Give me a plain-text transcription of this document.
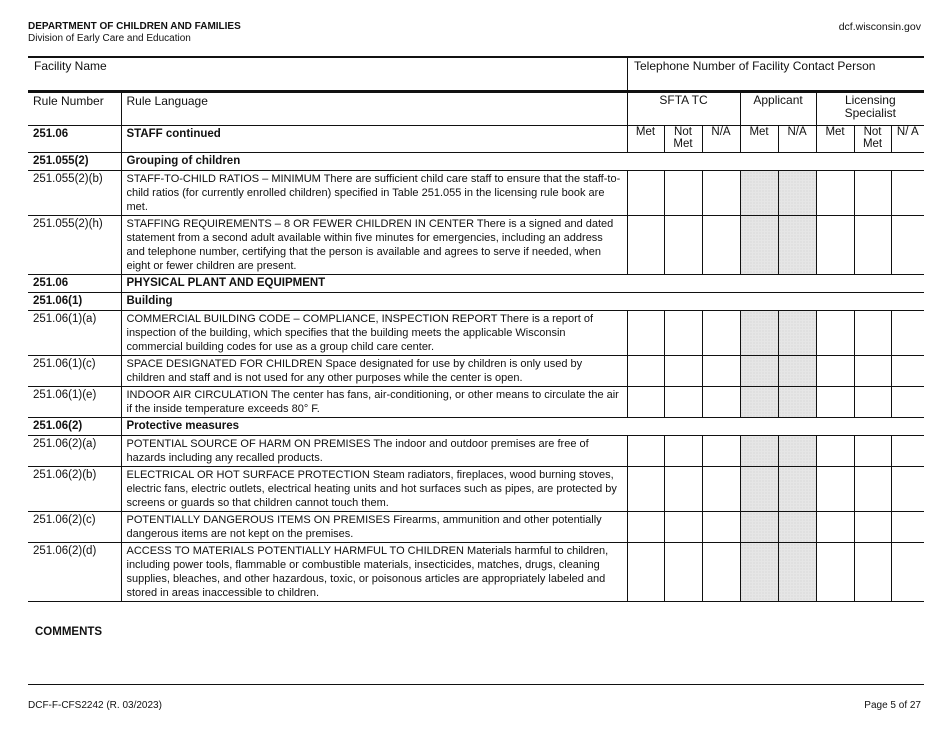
DEPARTMENT OF CHILDREN AND FAMILIES
Division of Early Care and Education
dcf.wisconsin.gov
Facility Name	Telephone Number of Facility Contact Person
Rule Number	Rule Language	SFTA TC			Applicant		Licensing Specialist		
251.06	STAFF continued	Met	Not Met	N/A	Met	N/A	Met	Not Met	N/ A
251.055(2)	Grouping of children								
251.055(2)(b)	STAFF-TO-CHILD RATIOS – MINIMUM There are sufficient child care staff to ensure that the staff-to-child ratios (for currently enrolled children) specified in Table 251.055 in the licensing rule book are met.								
251.055(2)(h)	STAFFING REQUIREMENTS – 8 OR FEWER CHILDREN IN CENTER There is a signed and dated statement from a second adult available within five minutes for emergencies, including an address and telephone number, certifying that the person is available and agrees to serve if needed, when eight or fewer children are present.								
251.06	PHYSICAL PLANT AND EQUIPMENT								
251.06(1)	Building								
251.06(1)(a)	COMMERCIAL BUILDING CODE – COMPLIANCE, INSPECTION REPORT There is a report of inspection of the building, which specifies that the building meets the applicable Wisconsin commercial building codes for use as a group child care center.								
251.06(1)(c)	SPACE DESIGNATED FOR CHILDREN Space designated for use by children is only used by children and staff and is not used for any other purposes while the center is open.								
251.06(1)(e)	INDOOR AIR CIRCULATION The center has fans, air-conditioning, or other means to circulate the air if the inside temperature exceeds 80° F.								
251.06(2)	Protective measures								
251.06(2)(a)	POTENTIAL SOURCE OF HARM ON PREMISES The indoor and outdoor premises are free of hazards including any recalled products.								
251.06(2)(b)	ELECTRICAL OR HOT SURFACE PROTECTION Steam radiators, fireplaces, wood burning stoves, electric fans, electric outlets, electrical heating units and hot surfaces such as pipes, are protected by screens or guards so that children cannot touch them.								
251.06(2)(c)	POTENTIALLY DANGEROUS ITEMS ON PREMISES Firearms, ammunition and other potentially dangerous items are not kept on the premises.								
251.06(2)(d)	ACCESS TO MATERIALS POTENTIALLY HARMFUL TO CHILDREN Materials harmful to children, including power tools, flammable or combustible materials, insecticides, matches, drugs, cleaning supplies, bleaches, and other hazardous, toxic, or poisonous articles are appropriately labeled and stored in areas inaccessible to children.								
COMMENTS
DCF-F-CFS2242 (R. 03/2023)	Page 5 of 27
